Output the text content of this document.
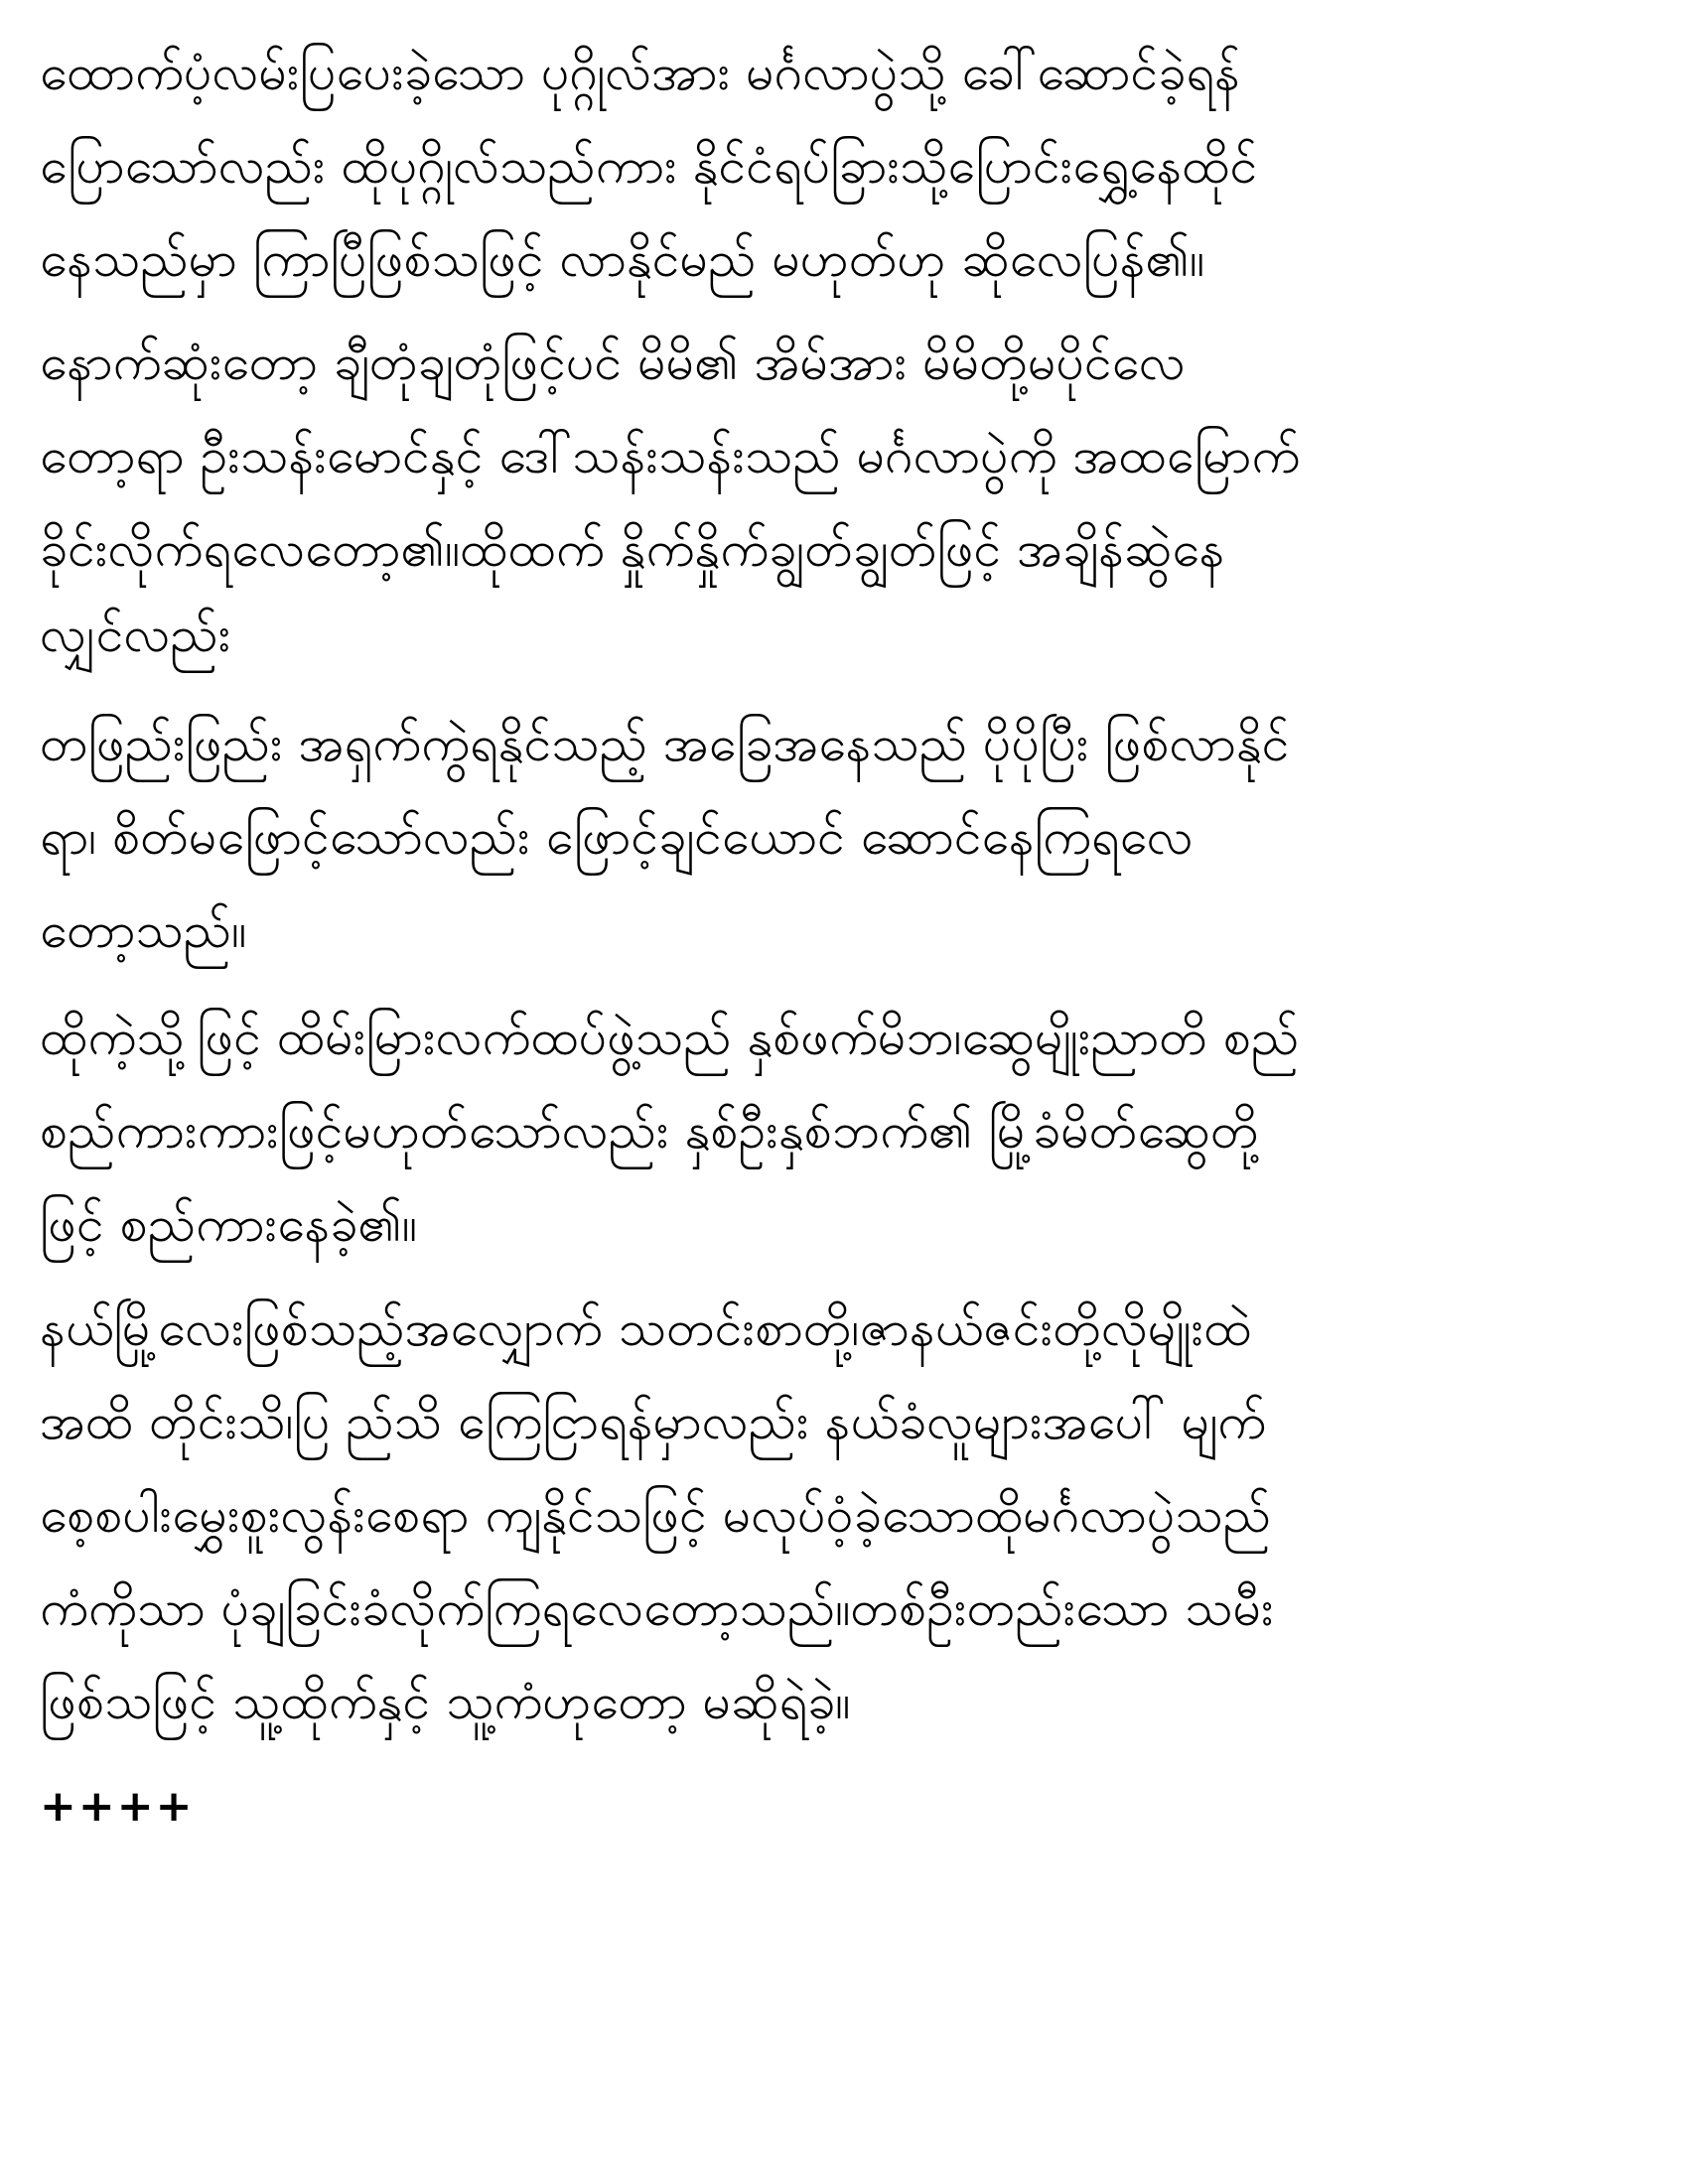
ထောက်ပံ့လမ်းပြပေးခဲ့သော ပုဂ္ဂိုလ်အား မင်္ဂလာပွဲသို့ ခေါ်ဆောင်ခဲ့ရန်
ပြောသော်လည်း ထိုပုဂ္ဂိုလ်သည်ကား နိုင်ငံရပ်ခြားသို့ပြောင်းရွှေ့နေထိုင်
နေသည်မှာ ကြာပြီဖြစ်သဖြင့် လာနိုင်မည် မဟုတ်ဟု ဆိုလေပြန်၏။
နောက်ဆုံးတော့ ချီတုံချတုံဖြင့်ပင် မိမိ၏ အိမ်အား မိမိတို့မပိုင်လေ
တော့ရာ ဦးသန်းမောင်နှင့် ဒေါ်သန်းသန်းသည် မင်္ဂလာပွဲကို အထမြောက်
ခိုင်းလိုက်ရလေတော့၏။ထိုထက် နှိုက်နှိုက်ချွတ်ချွတ်ဖြင့် အချိန်ဆွဲနေ
လျှင်လည်း
တဖြည်းဖြည်း အရှက်ကွဲရနိုင်သည့် အခြေအနေသည် ပိုပိုပြီး ဖြစ်လာနိုင်
ရာ၊ စိတ်မဖြောင့်သော်လည်း ဖြောင့်ချင်ယောင် ဆောင်နေကြရလေ
တော့သည်။
ထိုကဲ့သို့ဖြင့် ထိမ်းမြားလက်ထပ်ဖွဲ့သည် နှစ်ဖက်မိဘ၊ဆွေမျိုးညာတိ စည်
စည်ကားကားဖြင့်မဟုတ်သော်လည်း နှစ်ဦးနှစ်ဘက်၏ မြို့ခံမိတ်ဆွေတို့
ဖြင့် စည်ကားနေခဲ့၏။
နယ်မြို့လေးဖြစ်သည့်အလျှောက် သတင်းစာတို့၊ဇာနယ်ဇင်းတို့လိုမျိုးထဲ
အထိ တိုင်းသိ၊ပြ ည်သိ ကြေငြာရန်မှာလည်း နယ်ခံလူများအပေါ် မျက်
စေ့စပါးမွှေးစူးလွန်းစေရာ ကျနိုင်သဖြင့် မလုပ်ဝံ့ခဲ့သောထိုမင်္ဂလာပွဲသည်
ကံကိုသာ ပုံချခြင်းခံလိုက်ကြရလေတော့သည်။တစ်ဦးတည်းသော သမီး
ဖြစ်သဖြင့် သူ့ထိုက်နှင့် သူ့ကံဟုတော့ မဆိုရဲခဲ့။
++++
